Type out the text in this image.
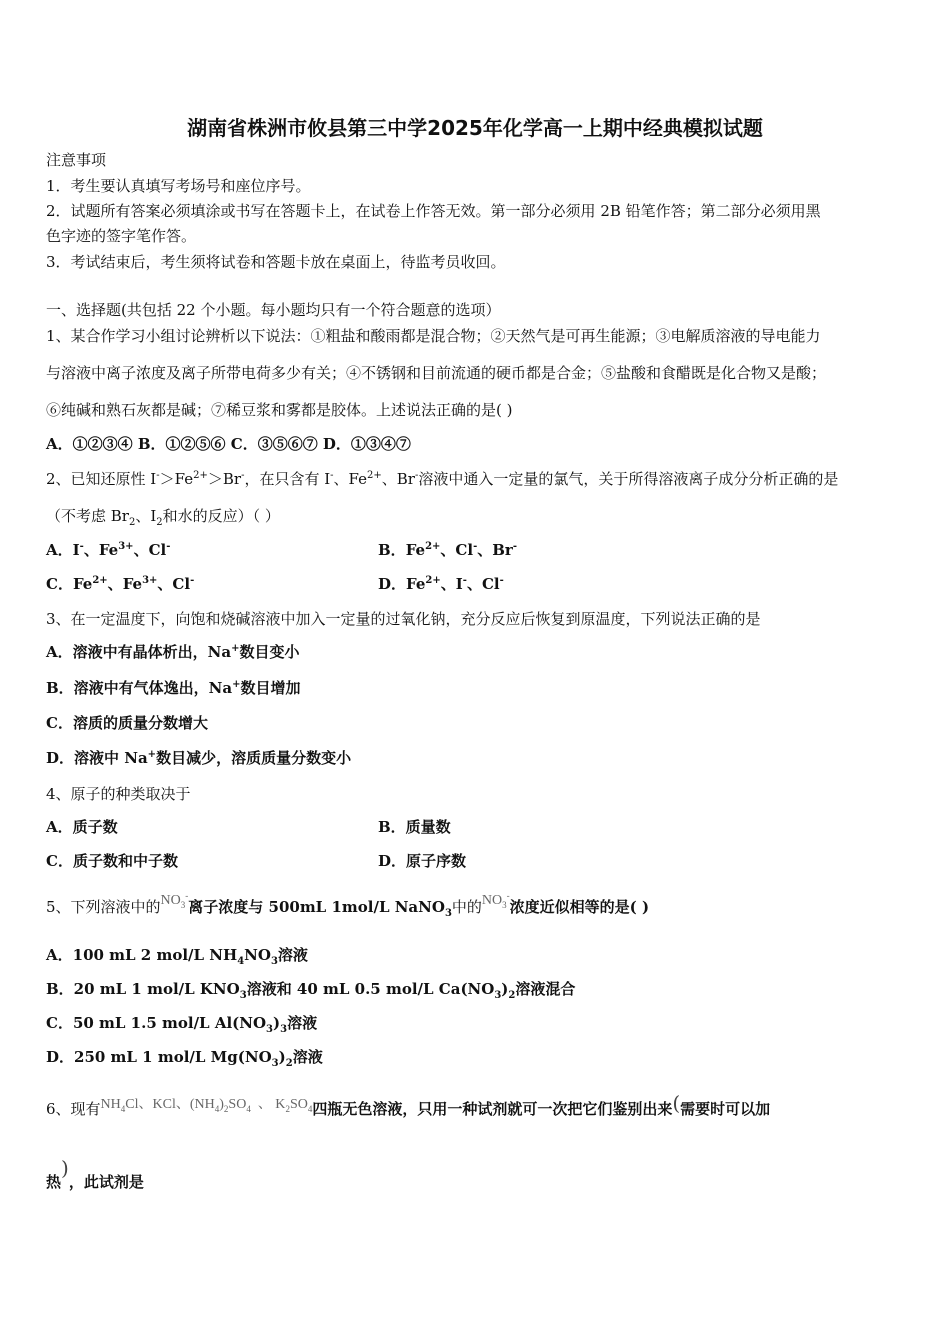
湖南省株洲市攸县第三中学2025年化学高一上期中经典模拟试题
注意事项
1．考生要认真填写考场号和座位序号。
2．试题所有答案必须填涂或书写在答题卡上，在试卷上作答无效。第一部分必须用 2B 铅笔作答；第二部分必须用黑
色字迹的签字笔作答。
3．考试结束后，考生须将试卷和答题卡放在桌面上，待监考员收回。
一、选择题(共包括 22 个小题。每小题均只有一个符合题意的选项）
1、某合作学习小组讨论辨析以下说法：①粗盐和酸雨都是混合物；②天然气是可再生能源；③电解质溶液的导电能力
与溶液中离子浓度及离子所带电荷多少有关；④不锈钢和目前流通的硬币都是合金；⑤盐酸和食醋既是化合物又是酸；
⑥纯碱和熟石灰都是碱；⑦稀豆浆和雾都是胶体。上述说法正确的是( )
A．①②③④ B．①②⑤⑥ C．③⑤⑥⑦ D．①③④⑦
2、已知还原性 $I^->Fe^{2+}>Br^-$，在只含有 I-、$Fe^{2+}$、Br-溶液中通入一定量的氯气，关于所得溶液离子成分分析正确的是
（不考虑 $Br_2$、$I_2$和水的反应）（ ）
A．I-、$Fe^{3+}$、Cl-	B．$Fe^{2+}$、Cl-、Br-
C．$Fe^{2+}$、$Fe^{3+}$、Cl-	D．$Fe^{2+}$、I-、Cl-
3、在一定温度下，向饱和烧碱溶液中加入一定量的过氧化钠，充分反应后恢复到原温度，下列说法正确的是
A．溶液中有晶体析出，Na+数目变小
B．溶液中有气体逸出，Na+数目增加
C．溶质的质量分数增大
D．溶液中 Na+数目减少，溶质质量分数变小
4、原子的种类取决于
A．质子数	B．质量数
C．质子数和中子数	D．原子序数
5、下列溶液中的$NO_3^-$离子浓度与 500mL 1mol/L NaNO$_3$中的$NO_3^-$浓度近似相等的是( )
A．100 mL 2 mol/L $NH_4NO_3$溶液
B．20 mL 1 mol/L $KNO_3$溶液和 40 mL 0.5 mol/L $Ca(NO_3)_2$溶液混合
C．50 mL 1.5 mol/L $Al(NO_3)_3$溶液
D．250 mL 1 mol/L $Mg(NO_3)_2$溶液
6、现有$NH_4Cl$、KCl、$(NH_4)_2SO_4$ 、 $K_2SO_4$四瓶无色溶液，只用一种试剂就可一次把它们鉴别出来(需要时可以加
热)，此试剂是
